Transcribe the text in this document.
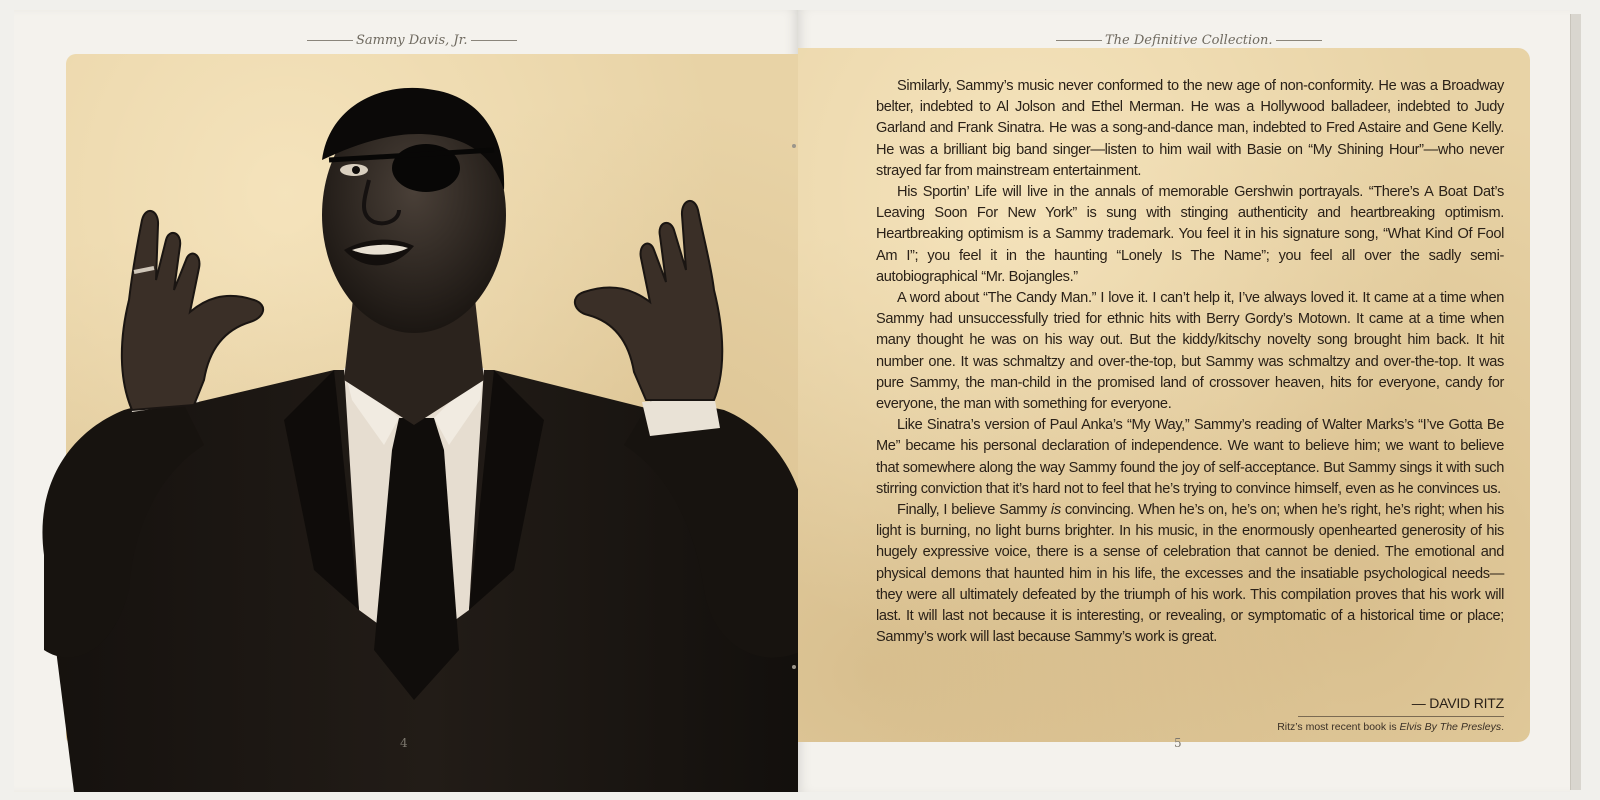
Sammy Davis, Jr.
4
The Definitive Collection.

Similarly, Sammy’s music never conformed to the new age of non-conformity. He was a Broadway belter, indebted to Al Jolson and Ethel Merman. He was a Hollywood balladeer, indebted to Judy Garland and Frank Sinatra. He was a song-and-dance man, indebted to Fred Astaire and Gene Kelly. He was a brilliant big band singer—listen to him wail with Basie on “My Shining Hour”—who never strayed far from mainstream entertainment.

His Sportin’ Life will live in the annals of memorable Gershwin portrayals. “There’s A Boat Dat’s Leaving Soon For New York” is sung with stinging authenticity and heartbreaking optimism. Heartbreaking optimism is a Sammy trademark. You feel it in his signature song, “What Kind Of Fool Am I”; you feel it in the haunting “Lonely Is The Name”; you feel all over the sadly semi-autobiographical “Mr. Bojangles.”

A word about “The Candy Man.” I love it. I can’t help it, I’ve always loved it. It came at a time when Sammy had unsuccessfully tried for ethnic hits with Berry Gordy’s Motown. It came at a time when many thought he was on his way out. But the kiddy/kitschy novelty song brought him back. It hit number one. It was schmaltzy and over-the-top, but Sammy was schmaltzy and over-the-top. It was pure Sammy, the man-child in the promised land of crossover heaven, hits for everyone, candy for everyone, the man with something for everyone.

Like Sinatra’s version of Paul Anka’s “My Way,” Sammy’s reading of Walter Marks’s “I’ve Gotta Be Me” became his personal declaration of independence. We want to believe him; we want to believe that somewhere along the way Sammy found the joy of self-acceptance. But Sammy sings it with such stirring conviction that it’s hard not to feel that he’s trying to convince himself, even as he convinces us.

Finally, I believe Sammy is convincing. When he’s on, he’s on; when he’s right, he’s right; when his light is burning, no light burns brighter. In his music, in the enormously openhearted generosity of his hugely expressive voice, there is a sense of celebration that cannot be denied. The emotional and physical demons that haunted him in his life, the excesses and the insatiable psychological needs—they were all ultimately defeated by the triumph of his work. This compilation proves that his work will last. It will last not because it is interesting, or revealing, or symptomatic of a historical time or place; Sammy’s work will last because Sammy’s work is great.

— DAVID RITZ
Ritz’s most recent book is Elvis By The Presleys.
5
